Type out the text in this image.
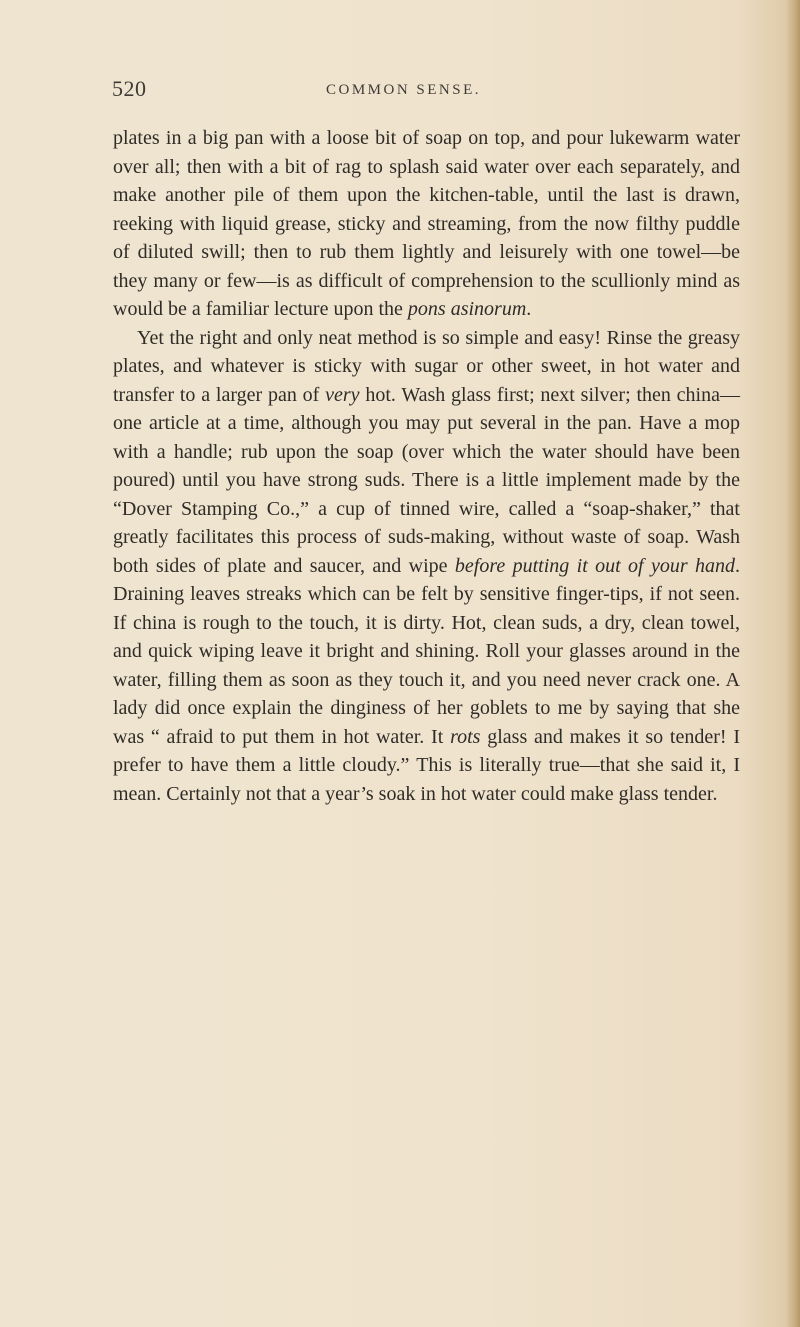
520	COMMON SENSE.

plates in a big pan with a loose bit of soap on top, and pour lukewarm water over all; then with a bit of rag to splash said water over each separately, and make another pile of them upon the kitchen-table, until the last is drawn, reeking with liquid grease, sticky and streaming, from the now filthy puddle of diluted swill; then to rub them lightly and leisurely with one towel—be they many or few—is as difficult of comprehension to the scullionly mind as would be a familiar lecture upon the pons asinorum.

Yet the right and only neat method is so simple and easy! Rinse the greasy plates, and whatever is sticky with sugar or other sweet, in hot water and transfer to a larger pan of very hot. Wash glass first; next silver; then china—one article at a time, although you may put several in the pan. Have a mop with a handle; rub upon the soap (over which the water should have been poured) until you have strong suds. There is a little implement made by the “Dover Stamping Co.,” a cup of tinned wire, called a “soap-shaker,” that greatly facilitates this process of suds-making, without waste of soap. Wash both sides of plate and saucer, and wipe before putting it out of your hand. Draining leaves streaks which can be felt by sensitive finger-tips, if not seen. If china is rough to the touch, it is dirty. Hot, clean suds, a dry, clean towel, and quick wiping leave it bright and shining. Roll your glasses around in the water, filling them as soon as they touch it, and you need never crack one. A lady did once explain the dinginess of her goblets to me by saying that she was “ afraid to put them in hot water. It rots glass and makes it so tender! I prefer to have them a little cloudy.” This is literally true—that she said it, I mean. Certainly not that a year’s soak in hot water could make glass tender.
